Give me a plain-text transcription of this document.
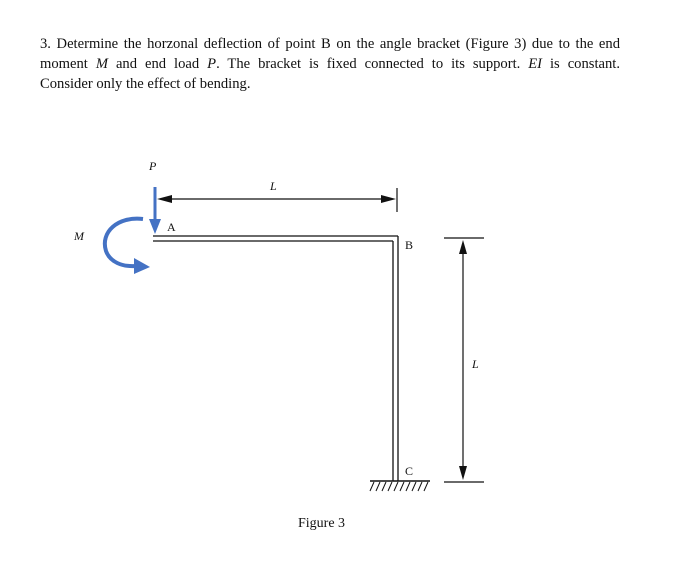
3. Determine the horzonal deflection of point B on the angle bracket (Figure 3) due to the end
moment M and end load P. The bracket is fixed connected to its support. EI is constant.
Consider only the effect of bending.
L
L
P
M
A
B
C
Figure 3
